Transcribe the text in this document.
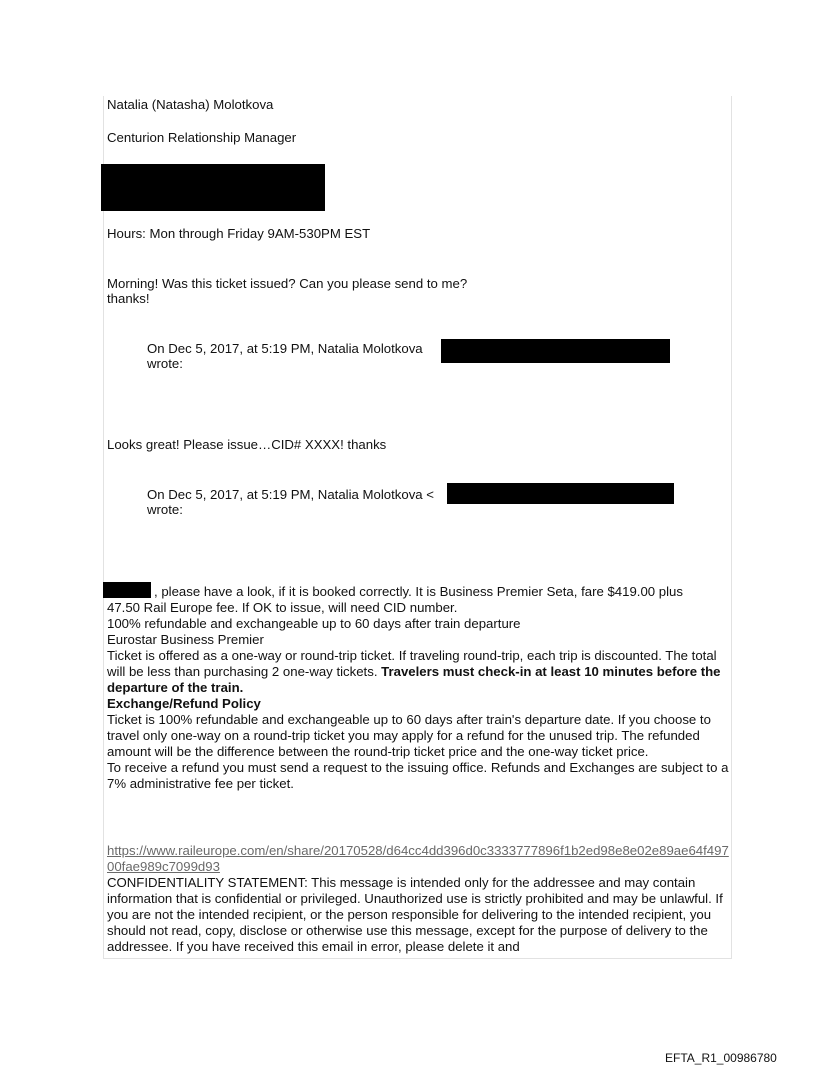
Natalia (Natasha) Molotkova
Centurion Relationship Manager
Hours: Mon through Friday 9AM-530PM EST
Morning! Was this ticket issued? Can you please send to me?
thanks!
On Dec 5, 2017, at 5:19 PM, Natalia Molotkova
wrote:
Looks great! Please issue…CID# XXXX! thanks
On Dec 5, 2017, at 5:19 PM, Natalia Molotkova <
wrote:

, please have a look, if it is booked correctly. It is Business Premier Seta, fare $419.00 plus

47.50 Rail Europe fee. If OK to issue, will need CID number.

100% refundable and exchangeable up to 60 days after train departure

Eurostar Business Premier

Ticket is offered as a one-way or round-trip ticket. If traveling round-trip, each trip is discounted. The total will be less than purchasing 2 one-way tickets. Travelers must check-in at least 10 minutes before the departure of the train.

Exchange/Refund Policy

Ticket is 100% refundable and exchangeable up to 60 days after train's departure date. If you choose to travel only one-way on a round-trip ticket you may apply for a refund for the unused trip. The refunded amount will be the difference between the round-trip ticket price and the one-way ticket price.

To receive a refund you must send a request to the issuing office. Refunds and Exchanges are subject to a 7% administrative fee per ticket.

https://www.raileurope.com/en/share/20170528/d64cc4dd396d0c3333777896f1b2ed98e8e02e89ae64f49700fae989c7099d93

CONFIDENTIALITY STATEMENT: This message is intended only for the addressee and may contain information that is confidential or privileged. Unauthorized use is strictly prohibited and may be unlawful. If you are not the intended recipient, or the person responsible for delivering to the intended recipient, you should not read, copy, disclose or otherwise use this message, except for the purpose of delivery to the addressee. If you have received this email in error, please delete it and

EFTA_R1_00986780
